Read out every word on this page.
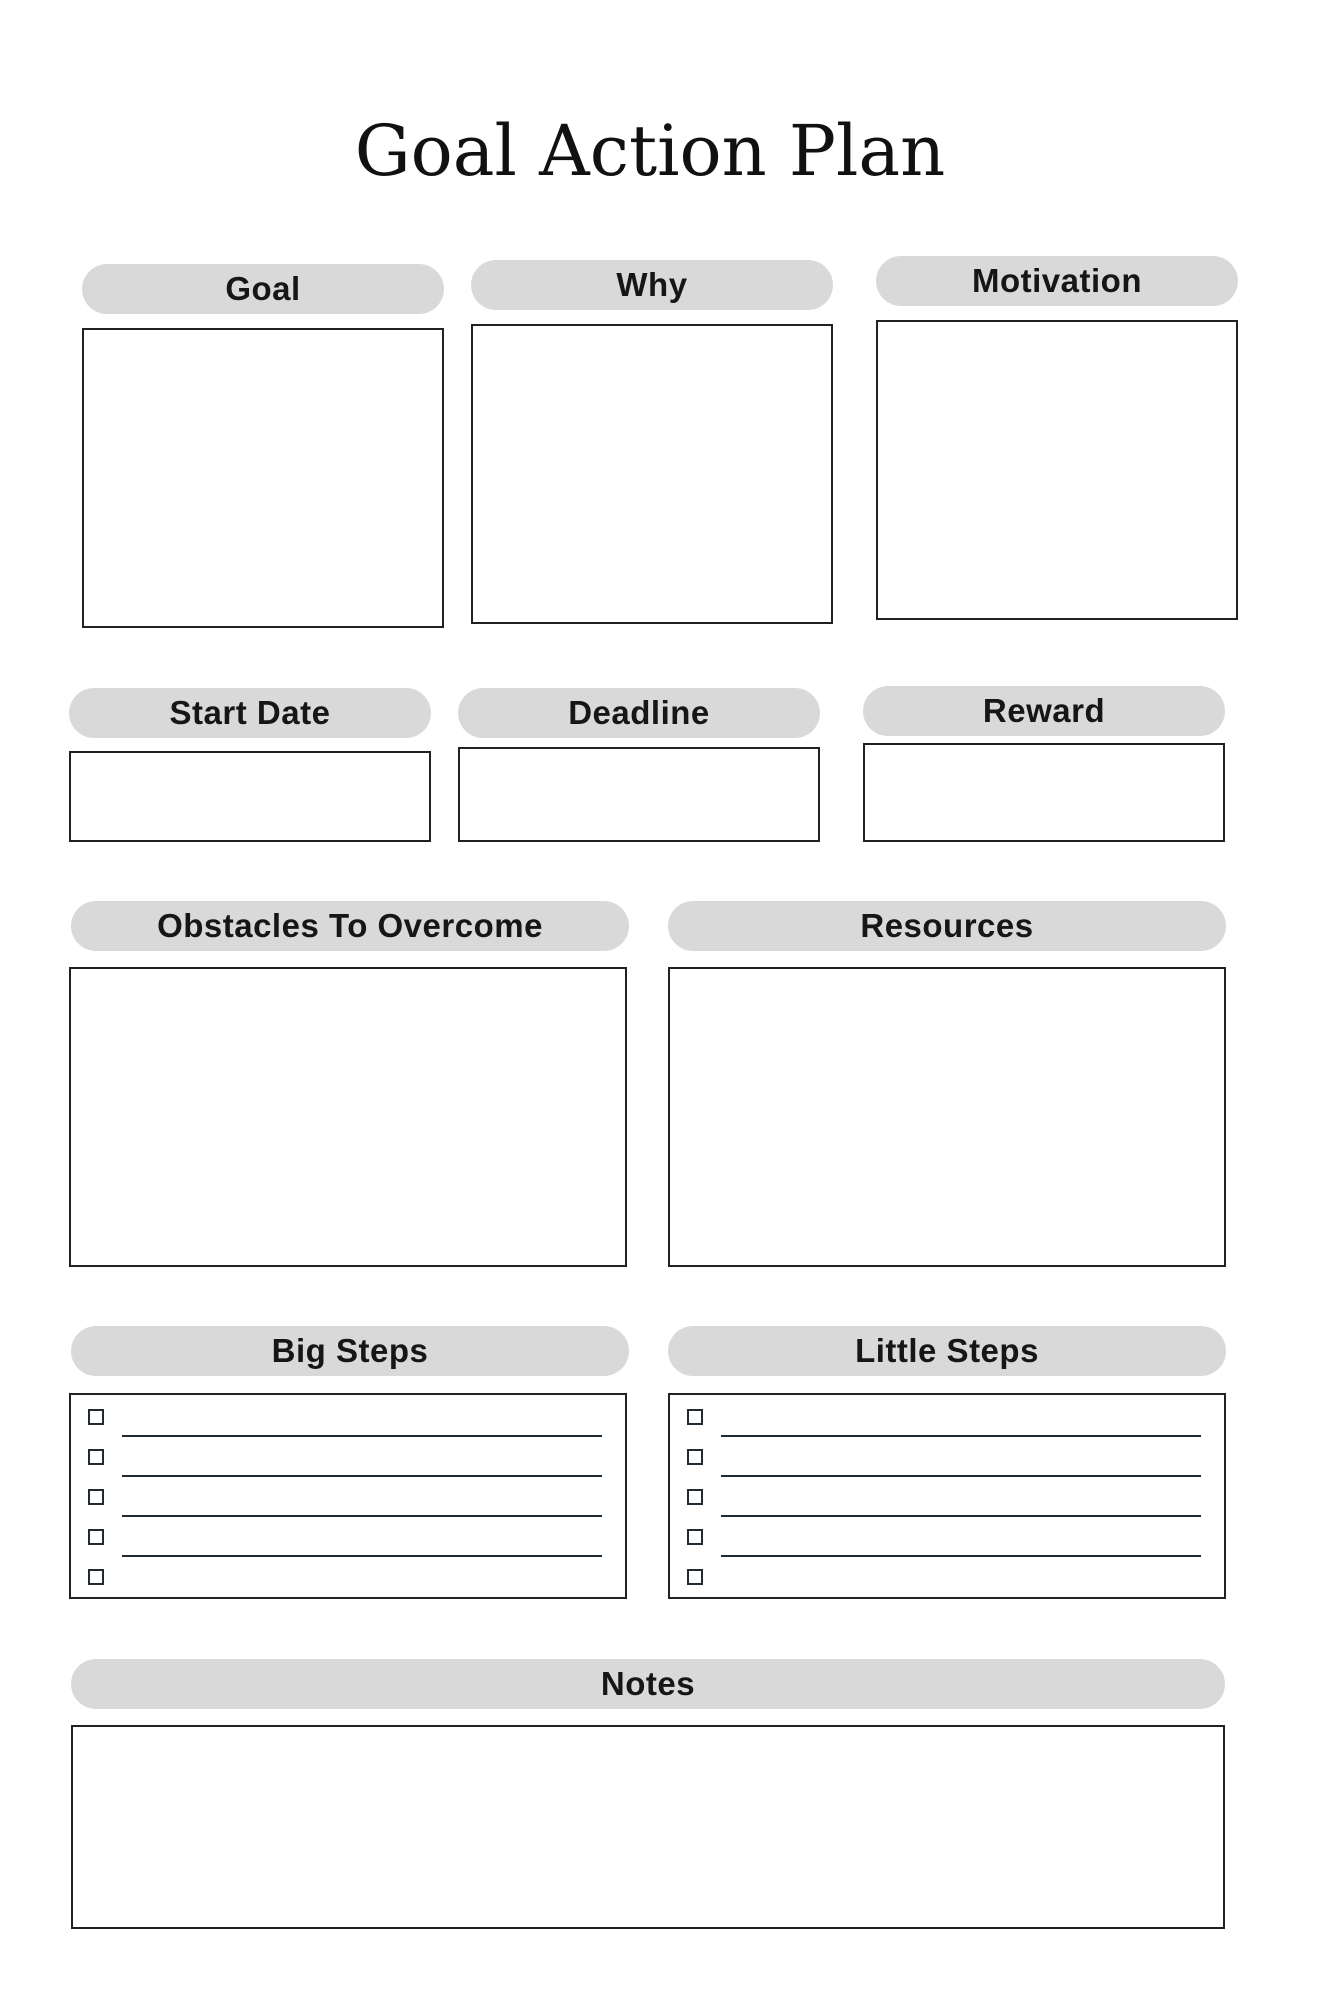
Goal Action Plan
Goal	Why	Motivation
Start Date	Deadline	Reward
Obstacles To Overcome	Resources
Big Steps	Little Steps
Notes
